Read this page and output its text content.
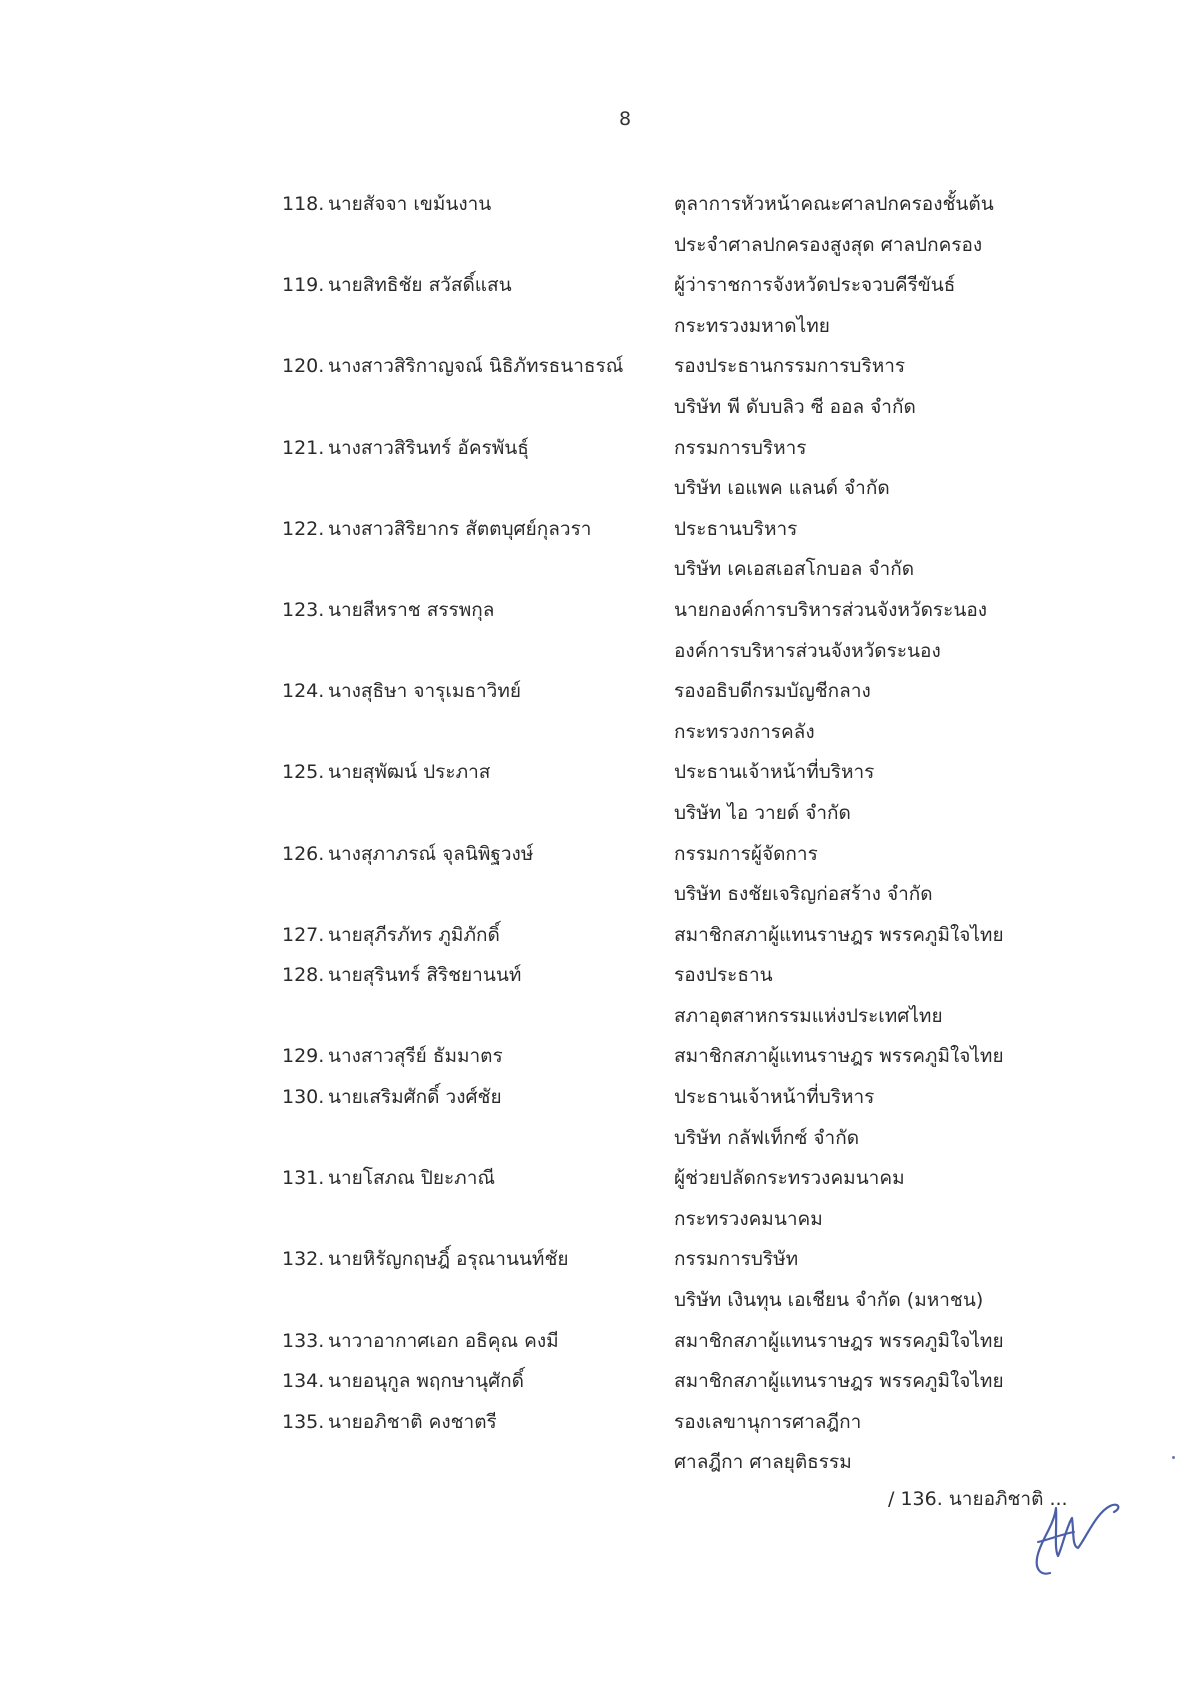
8
118. นายสัจจา เขม้นงาน	ตุลาการหัวหน้าคณะศาลปกครองชั้นต้น
ประจำศาลปกครองสูงสุด ศาลปกครอง
119. นายสิทธิชัย สวัสดิ์แสน	ผู้ว่าราชการจังหวัดประจวบคีรีขันธ์
กระทรวงมหาดไทย
120. นางสาวสิริกาญจณ์ นิธิภัทรธนาธรณ์	รองประธานกรรมการบริหาร
บริษัท พี ดับบลิว ซี ออล จำกัด
121. นางสาวสิรินทร์ อัครพันธุ์	กรรมการบริหาร
บริษัท เอแพค แลนด์ จำกัด
122. นางสาวสิริยากร สัตตบุศย์กุลวรา	ประธานบริหาร
บริษัท เคเอสเอสโกบอล จำกัด
123. นายสีหราช สรรพกุล	นายกองค์การบริหารส่วนจังหวัดระนอง
องค์การบริหารส่วนจังหวัดระนอง
124. นางสุธิษา จารุเมธาวิทย์	รองอธิบดีกรมบัญชีกลาง
กระทรวงการคลัง
125. นายสุพัฒน์ ประภาส	ประธานเจ้าหน้าที่บริหาร
บริษัท ไอ วายด์ จำกัด
126. นางสุภาภรณ์ จุลนิพิฐวงษ์	กรรมการผู้จัดการ
บริษัท ธงชัยเจริญก่อสร้าง จำกัด
127. นายสุภีรภัทร ภูมิภักดิ์	สมาชิกสภาผู้แทนราษฎร พรรคภูมิใจไทย
128. นายสุรินทร์ สิริชยานนท์	รองประธาน
สภาอุตสาหกรรมแห่งประเทศไทย
129. นางสาวสุรีย์ ธัมมาตร	สมาชิกสภาผู้แทนราษฎร พรรคภูมิใจไทย
130. นายเสริมศักดิ์ วงศ์ชัย	ประธานเจ้าหน้าที่บริหาร
บริษัท กลัฟเท็กซ์ จำกัด
131. นายโสภณ ปิยะภาณี	ผู้ช่วยปลัดกระทรวงคมนาคม
กระทรวงคมนาคม
132. นายหิรัญกฤษฎิ์ อรุณานนท์ชัย	กรรมการบริษัท
บริษัท เงินทุน เอเชียน จำกัด (มหาชน)
133. นาวาอากาศเอก อธิคุณ คงมี	สมาชิกสภาผู้แทนราษฎร พรรคภูมิใจไทย
134. นายอนุกูล พฤกษานุศักดิ์	สมาชิกสภาผู้แทนราษฎร พรรคภูมิใจไทย
135. นายอภิชาติ คงชาตรี	รองเลขานุการศาลฎีกา
ศาลฎีกา ศาลยุติธรรม
/ 136. นายอภิชาติ ...
